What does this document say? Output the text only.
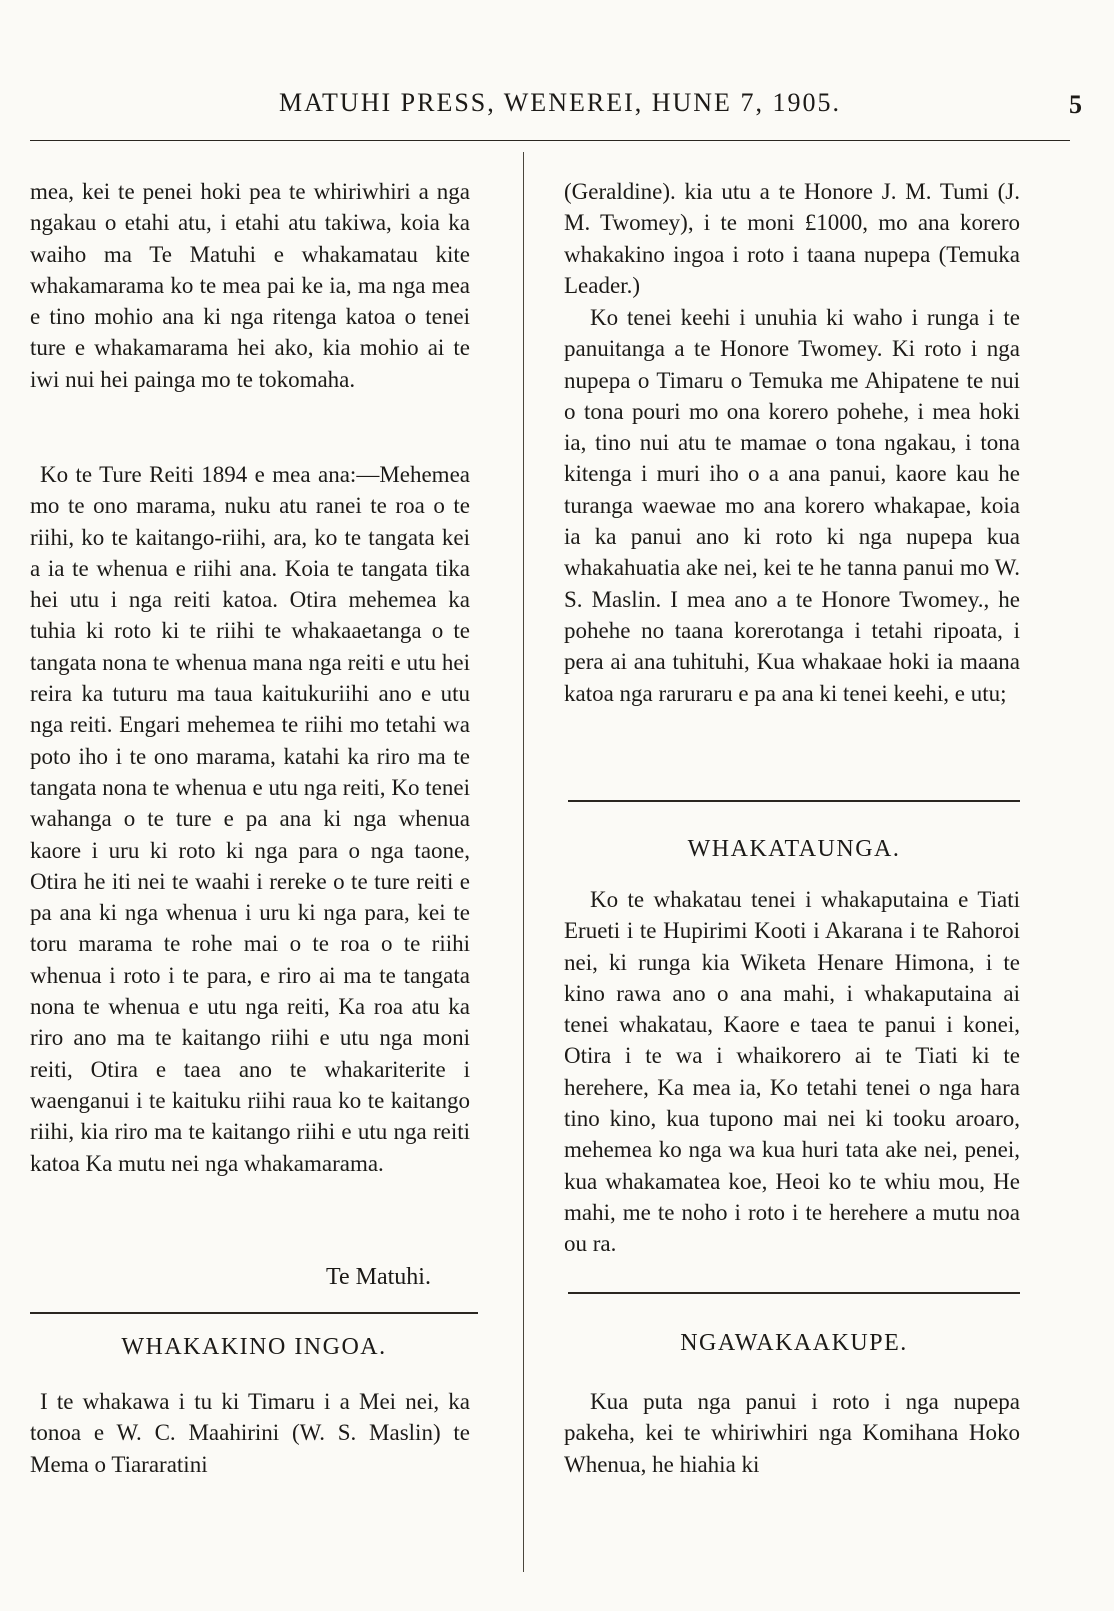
MATUHI PRESS, WENEREI, HUNE 7, 1905.	5
mea, kei te penei hoki pea te whiriwhiri a nga ngakau o etahi atu, i etahi atu takiwa, koia ka waiho ma Te Matuhi e whakamatau kite whakamarama ko te mea pai ke ia, ma nga mea e tino mohio ana ki nga ritenga katoa o tenei ture e whakamarama hei ako, kia mohio ai te iwi nui hei painga mo te tokomaha.
Ko te Ture Reiti 1894 e mea ana:—Mehemea mo te ono marama, nuku atu ranei te roa o te riihi, ko te kaitango-riihi, ara, ko te tangata kei a ia te whenua e riihi ana. Koia te tangata tika hei utu i nga reiti katoa. Otira mehemea ka tuhia ki roto ki te riihi te whakaaetanga o te tangata nona te whenua mana nga reiti e utu hei reira ka tuturu ma taua kaitukuriihi ano e utu nga reiti. Engari mehemea te riihi mo tetahi wa poto iho i te ono marama, katahi ka riro ma te tangata nona te whenua e utu nga reiti, Ko tenei wahanga o te ture e pa ana ki nga whenua kaore i uru ki roto ki nga para o nga taone, Otira he iti nei te waahi i rereke o te ture reiti e pa ana ki nga whenua i uru ki nga para, kei te toru marama te rohe mai o te roa o te riihi whenua i roto i te para, e riro ai ma te tangata nona te whenua e utu nga reiti, Ka roa atu ka riro ano ma te kaitango riihi e utu nga moni reiti, Otira e taea ano te whakariterite i waenganui i te kaituku riihi raua ko te kaitango riihi, kia riro ma te kaitango riihi e utu nga reiti katoa Ka mutu nei nga whakamarama.
Te Matuhi.
WHAKAKINO INGOA.
I te whakawa i tu ki Timaru i a Mei nei, ka tonoa e W. C. Maahirini (W. S. Maslin) te Mema o Tiararatini
(Geraldine). kia utu a te Honore J. M. Tumi (J. M. Twomey), i te moni £1000, mo ana korero whakakino ingoa i roto i taana nupepa (Temuka Leader.)
Ko tenei keehi i unuhia ki waho i runga i te panuitanga a te Honore Twomey. Ki roto i nga nupepa o Timaru o Temuka me Ahipatene te nui o tona pouri mo ona korero pohehe, i mea hoki ia, tino nui atu te mamae o tona ngakau, i tona kitenga i muri iho o a ana panui, kaore kau he turanga waewae mo ana korero whakapae, koia ia ka panui ano ki roto ki nga nupepa kua whakahuatia ake nei, kei te he tanna panui mo W. S. Maslin. I mea ano a te Honore Twomey., he pohehe no taana korerotanga i tetahi ripoata, i pera ai ana tuhituhi, Kua whakaae hoki ia maana katoa nga raruraru e pa ana ki tenei keehi, e utu;
WHAKATAUNGA.
Ko te whakatau tenei i whakaputaina e Tiati Erueti i te Hupirimi Kooti i Akarana i te Rahoroi nei, ki runga kia Wiketa Henare Himona, i te kino rawa ano o ana mahi, i whakaputaina ai tenei whakatau, Kaore e taea te panui i konei, Otira i te wa i whaikorero ai te Tiati ki te herehere, Ka mea ia, Ko tetahi tenei o nga hara tino kino, kua tupono mai nei ki tooku aroaro, mehemea ko nga wa kua huri tata ake nei, penei, kua whakamatea koe, Heoi ko te whiu mou, He mahi, me te noho i roto i te herehere a mutu noa ou ra.
NGAWAKAAKUPE.
Kua puta nga panui i roto i nga nupepa pakeha, kei te whiriwhiri nga Komihana Hoko Whenua, he hiahia ki
